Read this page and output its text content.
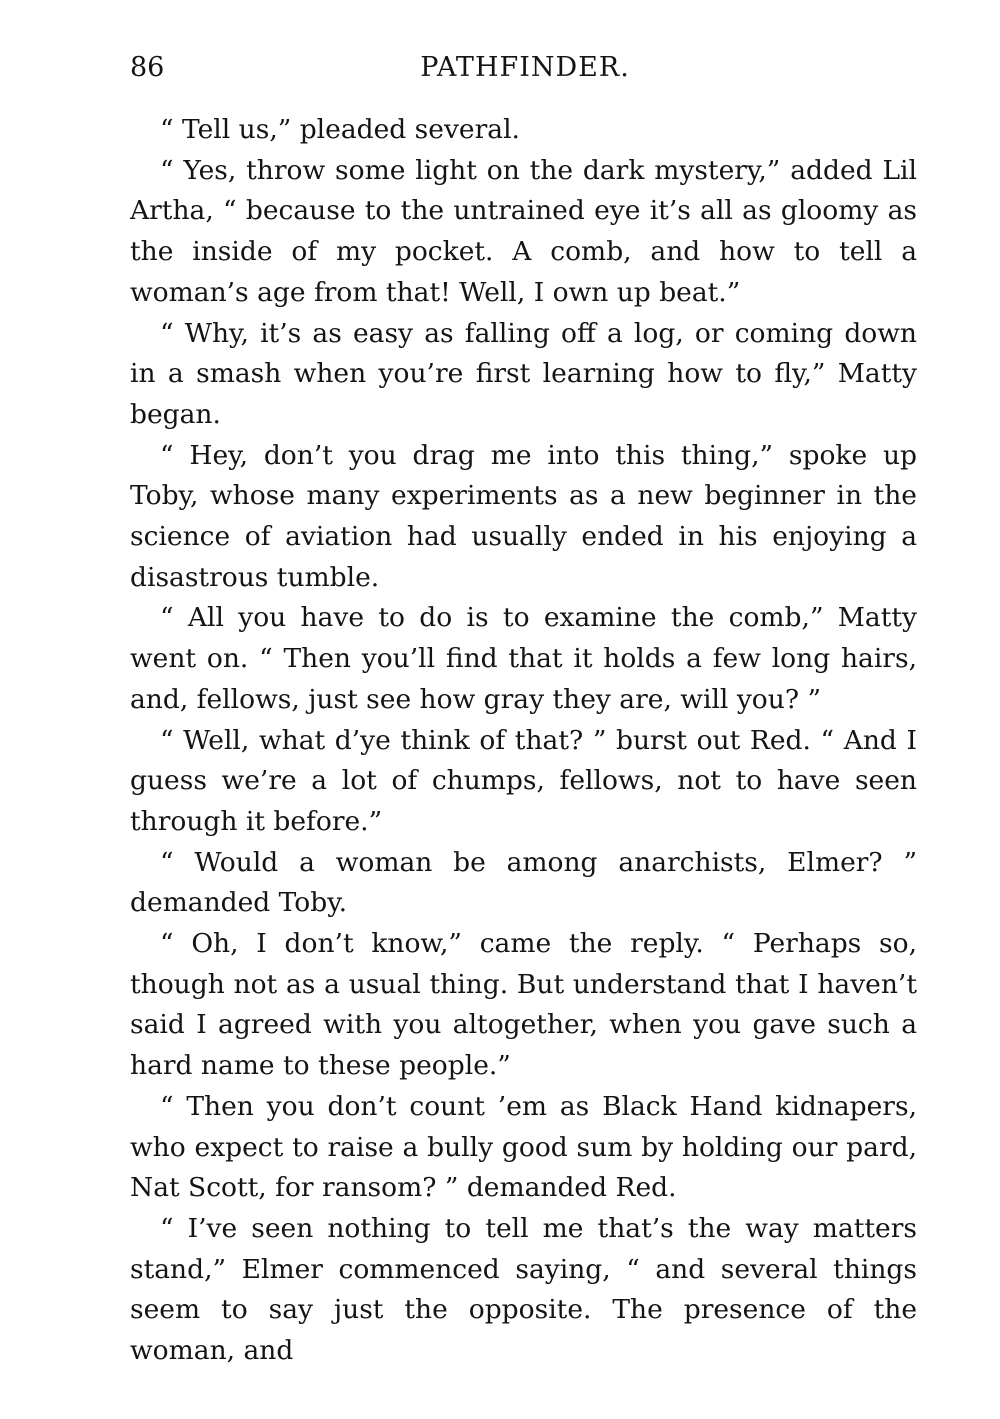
86	PATHFINDER.

“ Tell us,” pleaded several.

“ Yes, throw some light on the dark mystery,” added Lil Artha, “ because to the untrained eye it’s all as gloomy as the inside of my pocket. A comb, and how to tell a woman’s age from that! Well, I own up beat.”

“ Why, it’s as easy as falling off a log, or coming down in a smash when you’re first learning how to fly,” Matty began.

“ Hey, don’t you drag me into this thing,” spoke up Toby, whose many experiments as a new beginner in the science of aviation had usually ended in his enjoying a disastrous tumble.

“ All you have to do is to examine the comb,” Matty went on. “ Then you’ll find that it holds a few long hairs, and, fellows, just see how gray they are, will you? ”

“ Well, what d’ye think of that? ” burst out Red. “ And I guess we’re a lot of chumps, fellows, not to have seen through it before.”

“ Would a woman be among anarchists, Elmer? ” demanded Toby.

“ Oh, I don’t know,” came the reply. “ Perhaps so, though not as a usual thing. But understand that I haven’t said I agreed with you altogether, when you gave such a hard name to these people.”

“ Then you don’t count ’em as Black Hand kidnapers, who expect to raise a bully good sum by holding our pard, Nat Scott, for ransom? ” demanded Red.

“ I’ve seen nothing to tell me that’s the way matters stand,” Elmer commenced saying, “ and several things seem to say just the opposite. The presence of the woman, and
